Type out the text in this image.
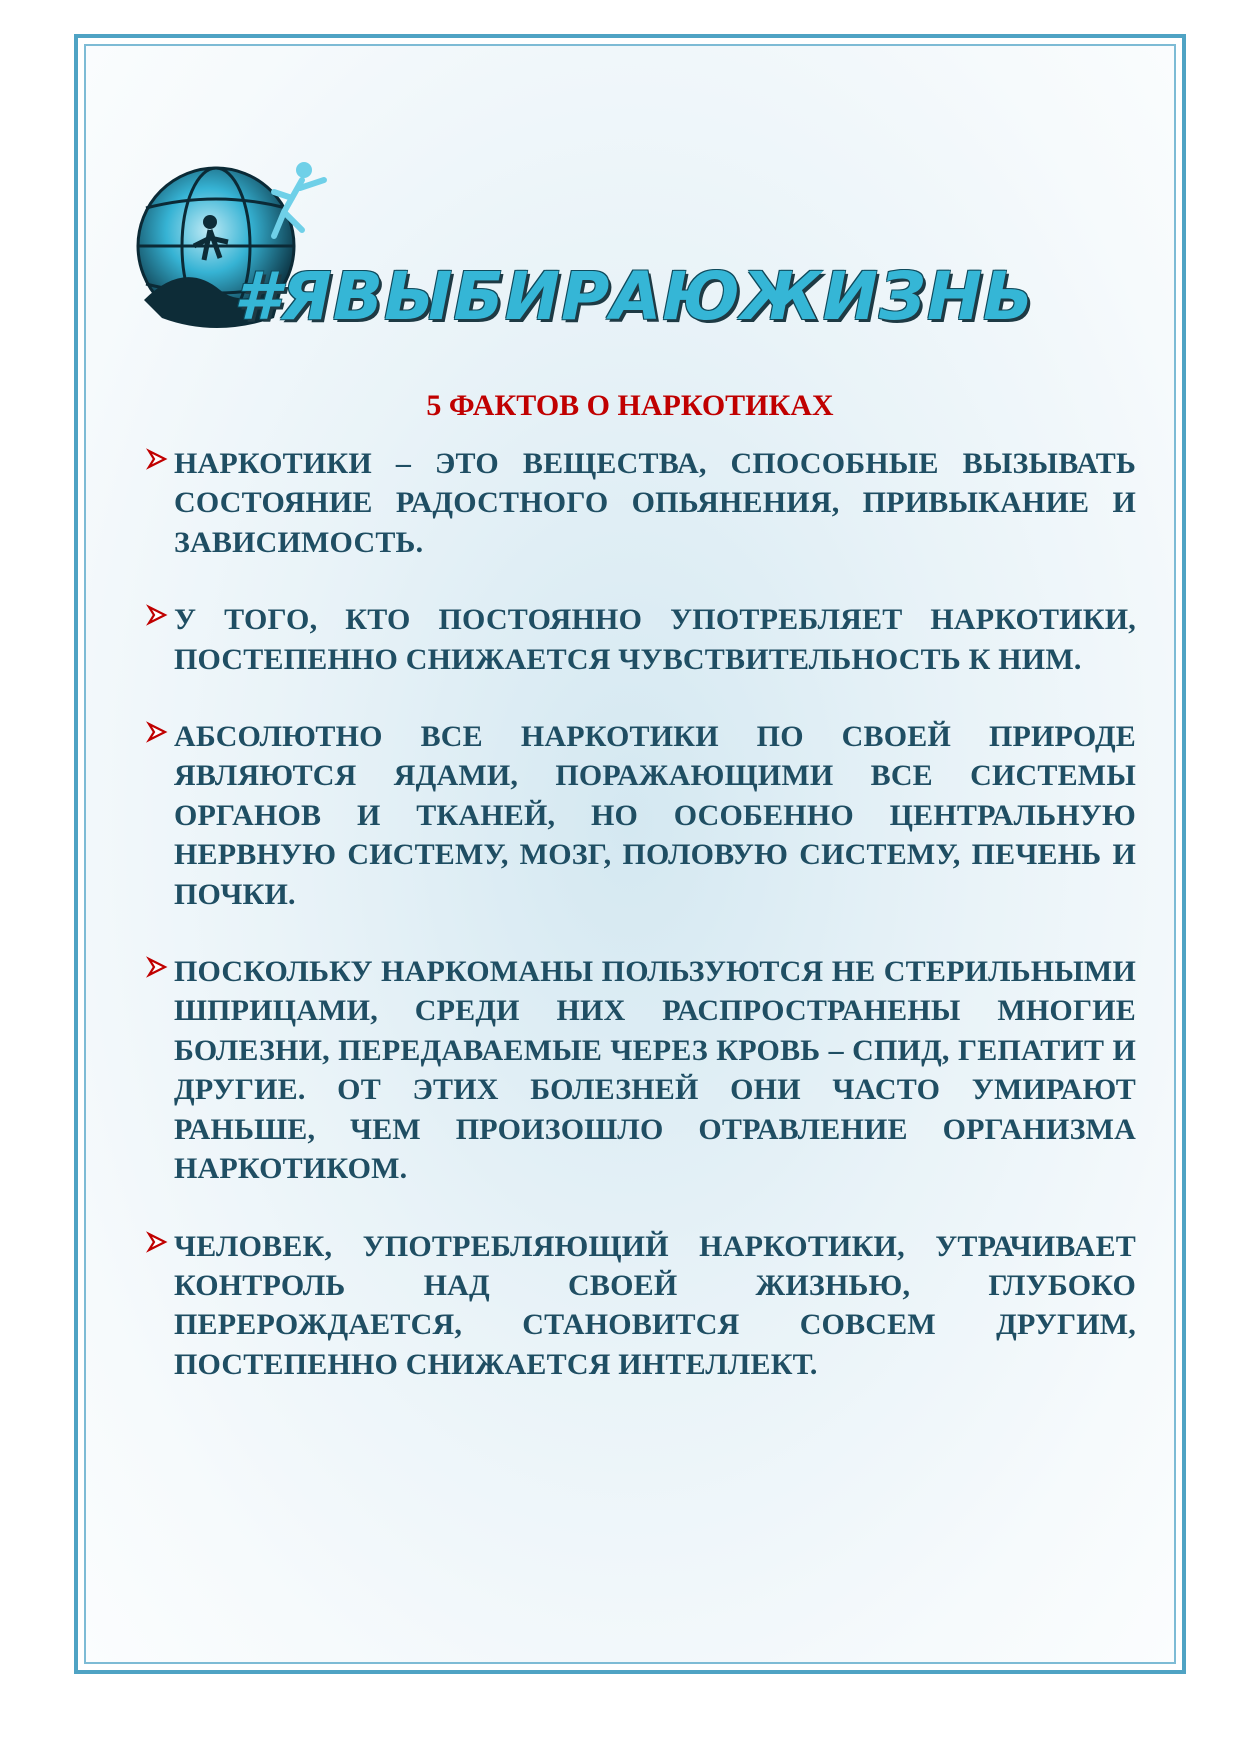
#ЯВЫБИРАЮЖИЗНЬ
5 ФАКТОВ О НАРКОТИКАХ
НАРКОТИКИ – ЭТО ВЕЩЕСТВА, СПОСОБНЫЕ ВЫЗЫВАТЬ СОСТОЯНИЕ РАДОСТНОГО ОПЬЯНЕНИЯ, ПРИВЫКАНИЕ И ЗАВИСИМОСТЬ.
У ТОГО, КТО ПОСТОЯННО УПОТРЕБЛЯЕТ НАРКОТИКИ, ПОСТЕПЕННО СНИЖАЕТСЯ ЧУВСТВИТЕЛЬНОСТЬ К НИМ.
АБСОЛЮТНО ВСЕ НАРКОТИКИ ПО СВОЕЙ ПРИРОДЕ ЯВЛЯЮТСЯ ЯДАМИ, ПОРАЖАЮЩИМИ ВСЕ СИСТЕМЫ ОРГАНОВ И ТКАНЕЙ, НО ОСОБЕННО ЦЕНТРАЛЬНУЮ НЕРВНУЮ СИСТЕМУ, МОЗГ, ПОЛОВУЮ СИСТЕМУ, ПЕЧЕНЬ И ПОЧКИ.
ПОСКОЛЬКУ НАРКОМАНЫ ПОЛЬЗУЮТСЯ НЕ СТЕРИЛЬНЫМИ ШПРИЦАМИ, СРЕДИ НИХ РАСПРОСТРАНЕНЫ МНОГИЕ БОЛЕЗНИ, ПЕРЕДАВАЕМЫЕ ЧЕРЕЗ КРОВЬ – СПИД, ГЕПАТИТ И ДРУГИЕ. ОТ ЭТИХ БОЛЕЗНЕЙ ОНИ ЧАСТО УМИРАЮТ РАНЬШЕ, ЧЕМ ПРОИЗОШЛО ОТРАВЛЕНИЕ ОРГАНИЗМА НАРКОТИКОМ.
ЧЕЛОВЕК, УПОТРЕБЛЯЮЩИЙ НАРКОТИКИ, УТРАЧИВАЕТ КОНТРОЛЬ НАД СВОЕЙ ЖИЗНЬЮ, ГЛУБОКО ПЕРЕРОЖДАЕТСЯ, СТАНОВИТСЯ СОВСЕМ ДРУГИМ, ПОСТЕПЕННО СНИЖАЕТСЯ ИНТЕЛЛЕКТ.
